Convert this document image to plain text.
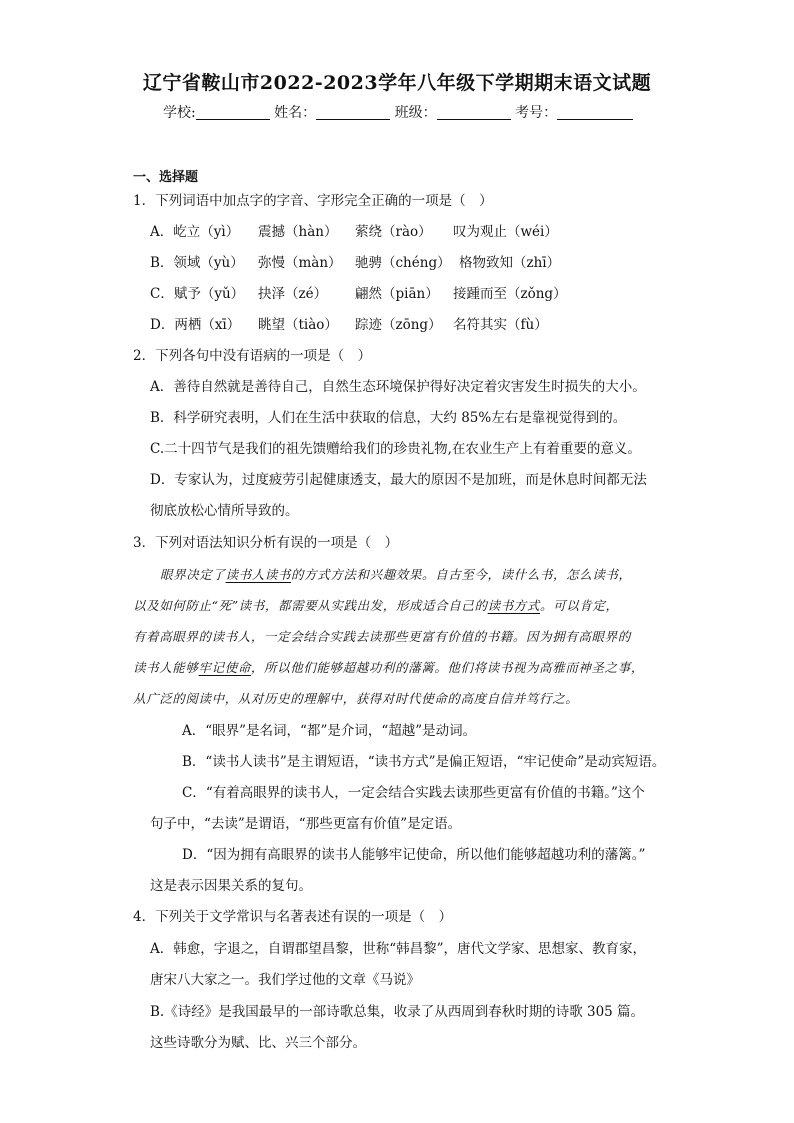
辽宁省鞍山市2022-2023学年八年级下学期期末语文试题
学校:	姓名：	班级：	考号：
一、选择题
1．下列词语中加点字的字音、字形完全正确的一项是（　）
A．屹立（yì） 震撼（hàn） 萦绕（rào） 叹为观止（wéi）
B．领域（yù） 弥慢（màn） 驰骋（chéng） 格物致知（zhī）
C．赋予（yǔ） 抉泽（zé） 翩然（piān） 接踵而至（zǒng）
D．两栖（xī） 眺望（tiào） 踪迹（zōng） 名符其实（fù）
2．下列各句中没有语病的一项是（　）
A．善待自然就是善待自己，自然生态环境保护得好决定着灾害发生时损失的大小。
B．科学研究表明，人们在生活中获取的信息，大约 85%左右是靠视觉得到的。
C.二十四节气是我们的祖先馈赠给我们的珍贵礼物,在农业生产上有着重要的意义。
D．专家认为，过度疲劳引起健康透支，最大的原因不是加班，而是休息时间都无法
彻底放松心情所导致的。
3．下列对语法知识分析有误的一项是（　）
眼界决定了读书人读书的方式方法和兴趣效果。自古至今，读什么书，怎么读书，
以及如何防止“死”读书，都需要从实践出发，形成适合自己的读书方式。可以肯定，
有着高眼界的读书人，一定会结合实践去读那些更富有价值的书籍。因为拥有高眼界的
读书人能够牢记使命，所以他们能够超越功利的藩篱。他们将读书视为高雅而神圣之事，
从广泛的阅读中，从对历史的理解中，获得对时代使命的高度自信并笃行之。
A．“眼界”是名词，“都”是介词，“超越”是动词。
B．“读书人读书”是主谓短语，“读书方式”是偏正短语，“牢记使命”是动宾短语。
C．“有着高眼界的读书人，一定会结合实践去读那些更富有价值的书籍。”这个
句子中，“去读”是谓语，“那些更富有价值”是定语。
D．“因为拥有高眼界的读书人能够牢记使命，所以他们能够超越功利的藩篱。”
这是表示因果关系的复句。
4．下列关于文学常识与名著表述有误的一项是（　）
A．韩愈，字退之，自谓郡望昌黎，世称“韩昌黎”，唐代文学家、思想家、教育家，
唐宋八大家之一。我们学过他的文章《马说》
B.《诗经》是我国最早的一部诗歌总集，收录了从西周到春秋时期的诗歌 305 篇。
这些诗歌分为赋、比、兴三个部分。
